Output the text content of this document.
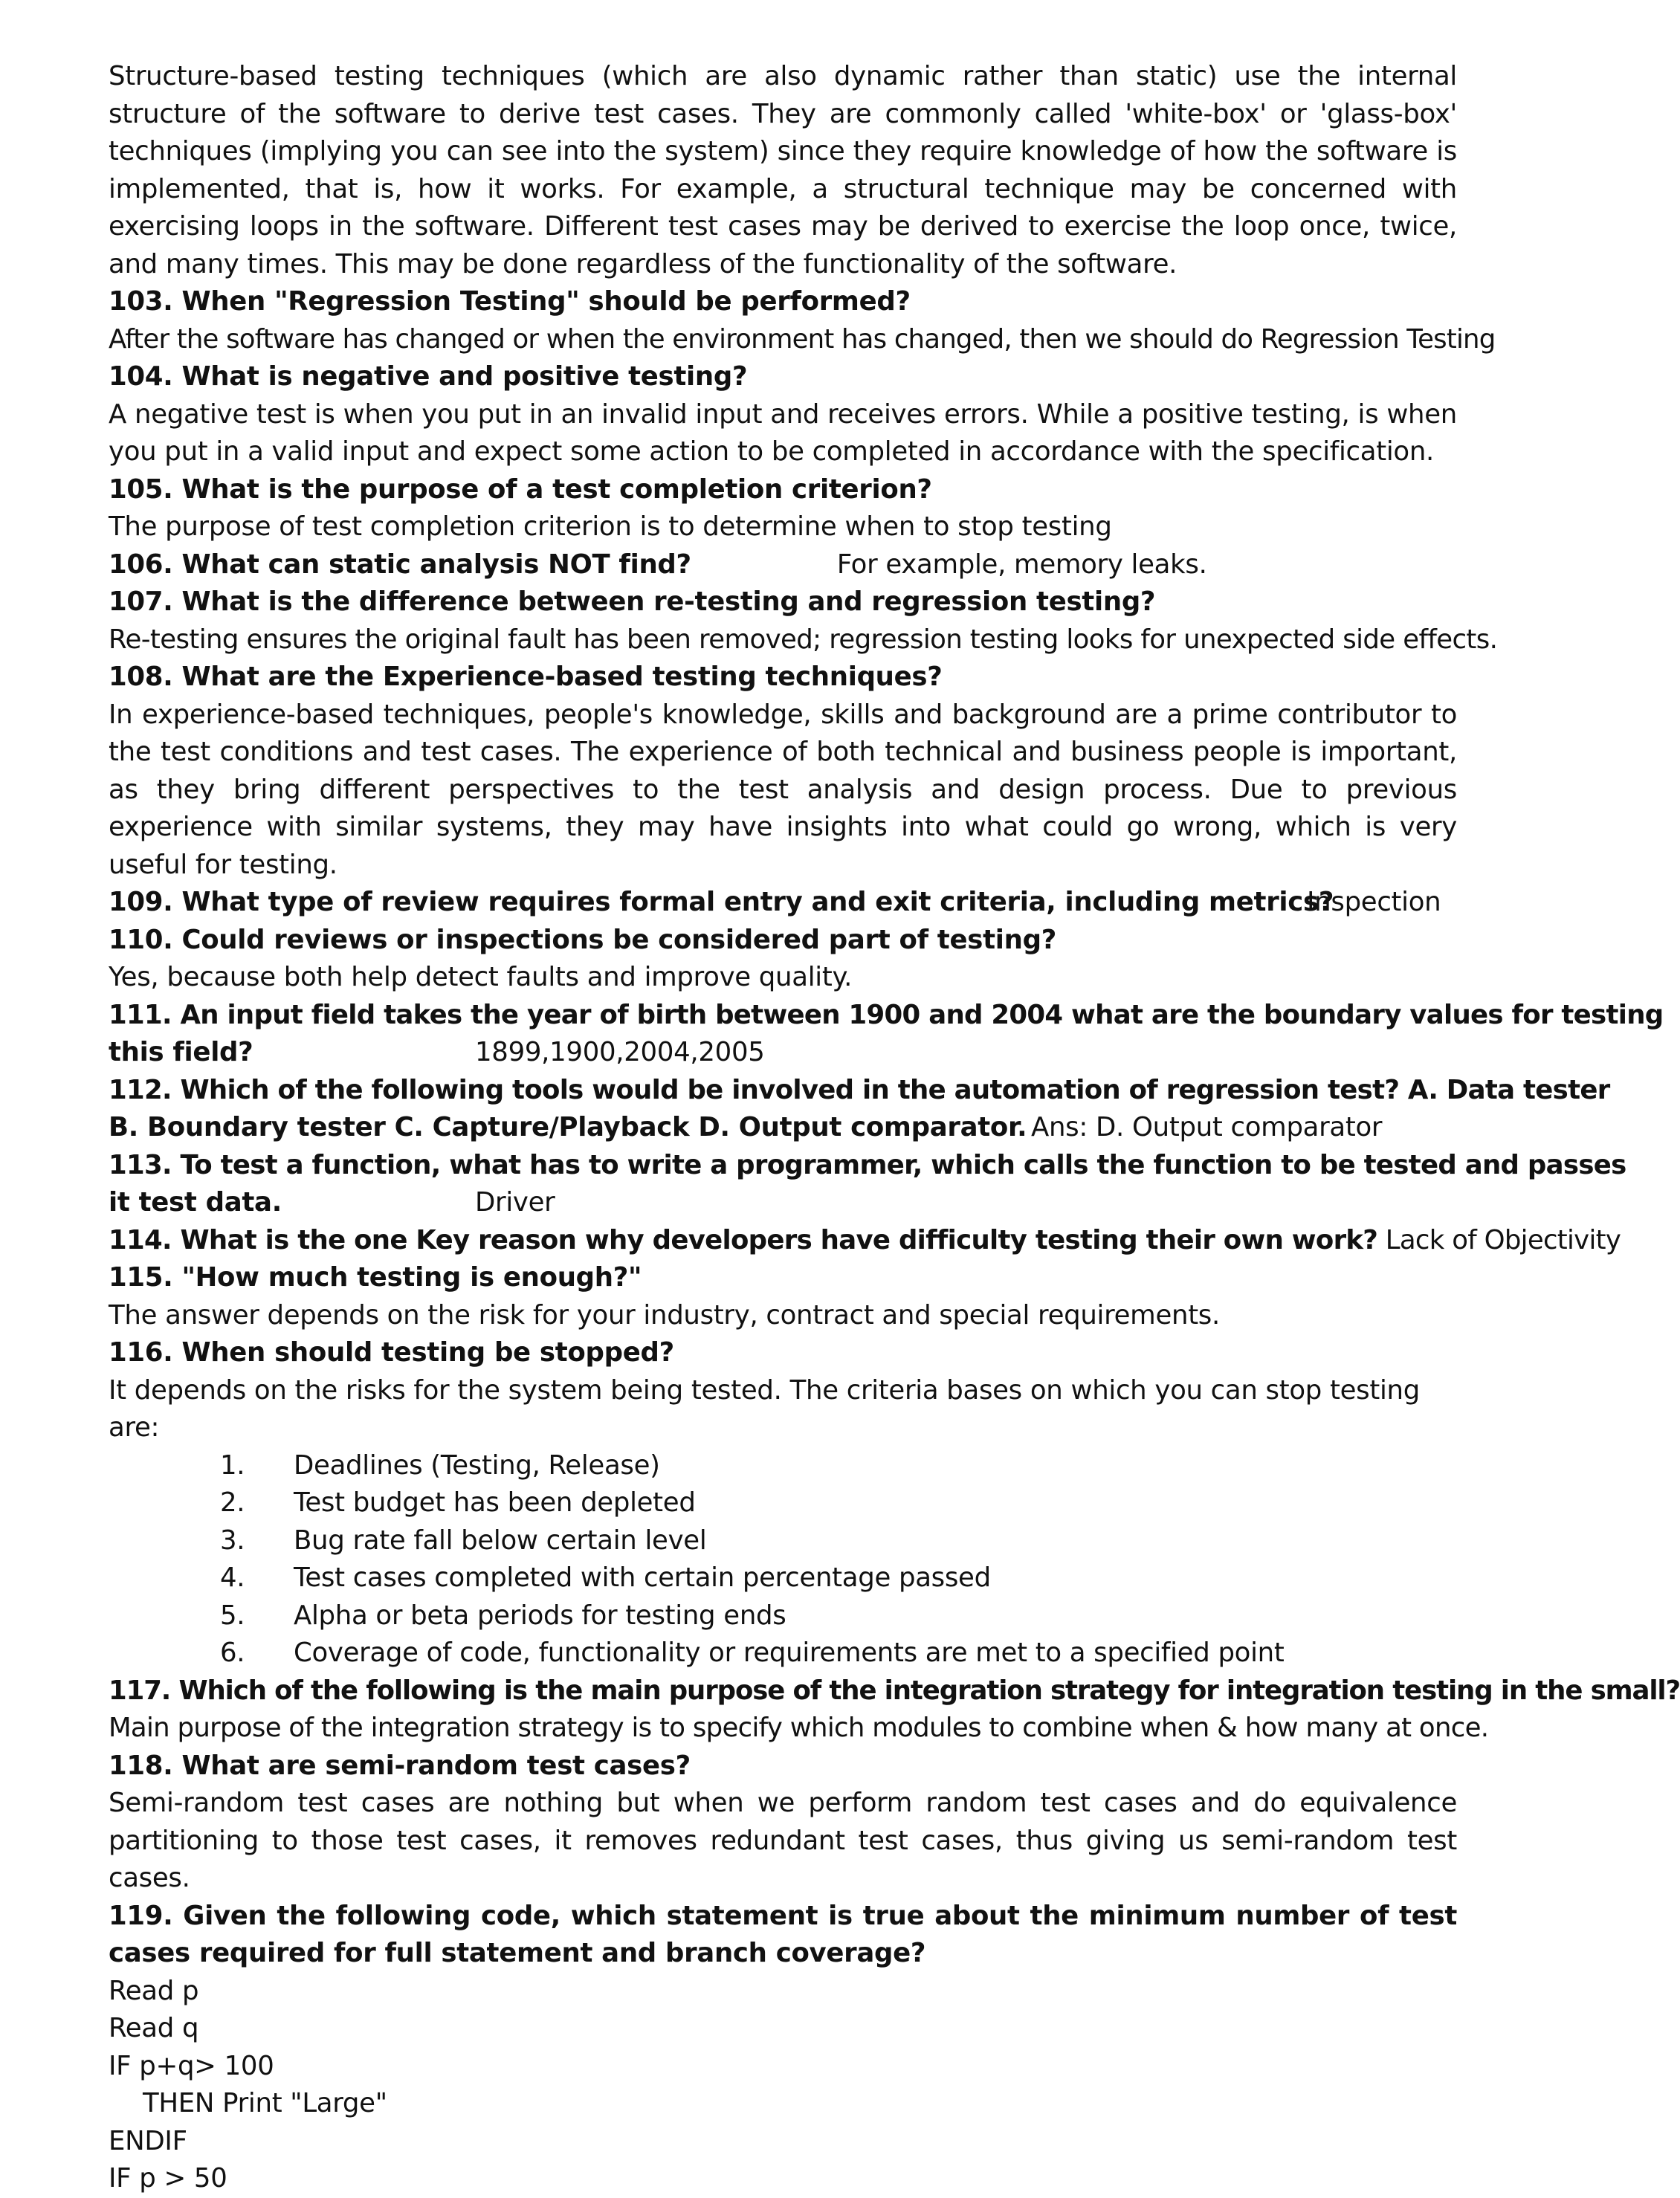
Structure-based testing techniques (which are also dynamic rather than static) use the internal structure of the software to derive test cases. They are commonly called 'white-box' or 'glass-box' techniques (implying you can see into the system) since they require knowledge of how the software is implemented, that is, how it works. For example, a structural technique may be concerned with exercising loops in the software. Different test cases may be derived to exercise the loop once, twice, and many times. This may be done regardless of the functionality of the software.

103. When "Regression Testing" should be performed?

After the software has changed or when the environment has changed, then we should do Regression Testing

104. What is negative and positive testing?

A negative test is when you put in an invalid input and receives errors. While a positive testing, is when you put in a valid input and expect some action to be completed in accordance with the specification.

105. What is the purpose of a test completion criterion?

The purpose of test completion criterion is to determine when to stop testing

106. What can static analysis NOT find?	For example, memory leaks.

107. What is the difference between re-testing and regression testing?

Re-testing ensures the original fault has been removed; regression testing looks for unexpected side effects.

108. What are the Experience-based testing techniques?

In experience-based techniques, people's knowledge, skills and background are a prime contributor to the test conditions and test cases. The experience of both technical and business people is important, as they bring different perspectives to the test analysis and design process. Due to previous experience with similar systems, they may have insights into what could go wrong, which is very useful for testing.

109. What type of review requires formal entry and exit criteria, including metrics?
Inspection

110. Could reviews or inspections be considered part of testing?

Yes, because both help detect faults and improve quality.

111. An input field takes the year of birth between 1900 and 2004 what are the boundary values for testing

this field?	1899,1900,2004,2005

112. Which of the following tools would be involved in the automation of regression test? A. Data tester

B. Boundary tester C. Capture/Playback D. Output comparator. Ans: D. Output comparator

113. To test a function, what has to write a programmer, which calls the function to be tested and passes

it test data.	Driver

114. What is the one Key reason why developers have difficulty testing their own work? Lack of Objectivity

115. "How much testing is enough?"

The answer depends on the risk for your industry, contract and special requirements.

116. When should testing be stopped?

It depends on the risks for the system being tested. The criteria bases on which you can stop testing are:

1.	Deadlines (Testing, Release)
2.	Test budget has been depleted
3.	Bug rate fall below certain level
4.	Test cases completed with certain percentage passed
5.	Alpha or beta periods for testing ends
6.	Coverage of code, functionality or requirements are met to a specified point

117. Which of the following is the main purpose of the integration strategy for integration testing in the small?

Main purpose of the integration strategy is to specify which modules to combine when & how many at once.

118. What are semi-random test cases?

Semi-random test cases are nothing but when we perform random test cases and do equivalence partitioning to those test cases, it removes redundant test cases, thus giving us semi-random test cases.

119. Given the following code, which statement is true about the minimum number of test cases required for full statement and branch coverage?

Read p

Read q

IF p+q> 100

THEN Print "Large"

ENDIF

IF p > 50
